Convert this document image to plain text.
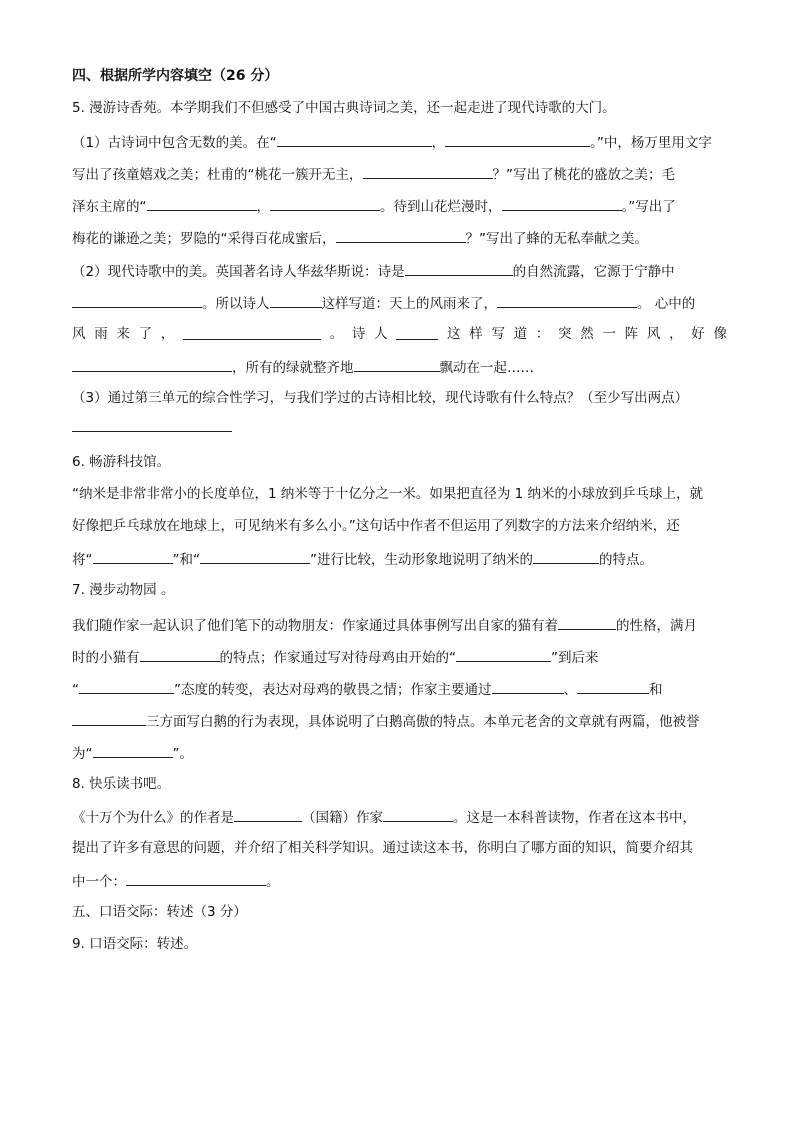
四、根据所学内容填空（26 分）
5. 漫游诗香苑。本学期我们不但感受了中国古典诗词之美，还一起走进了现代诗歌的大门。
（1）古诗词中包含无数的美。在“	，	。”中，杨万里用文字
写出了孩童嬉戏之美；杜甫的“桃花一簇开无主，	？”写出了桃花的盛放之美；毛
泽东主席的“	，	。待到山花烂漫时，	。”写出了
梅花的谦逊之美；罗隐的“采得百花成蜜后，	？”写出了蜂的无私奉献之美。
（2）现代诗歌中的美。英国著名诗人华兹华斯说：诗是	的自然流露，它源于宁静中
。所以诗人	这样写道：天上的风雨来了，	。 心中的
风 雨 来 了 ，	。 诗 人	这 样 写 道 ： 突 然 一 阵 风 ， 好 像
，所有的绿就整齐地	飘动在一起……
（3）通过第三单元的综合性学习，与我们学过的古诗相比较，现代诗歌有什么特点？（至少写出两点）
6. 畅游科技馆。
“纳米是非常非常小的长度单位，1 纳米等于十亿分之一米。如果把直径为 1 纳米的小球放到乒乓球上，就
好像把乒乓球放在地球上，可见纳米有多么小。”这句话中作者不但运用了列数字的方法来介绍纳米，还
将“	”和“	”进行比较，生动形象地说明了纳米的	的特点。
7. 漫步动物园 。
我们随作家一起认识了他们笔下的动物朋友：作家通过具体事例写出自家的猫有着	的性格，满月
时的小猫有	的特点；作家通过写对待母鸡由开始的“	”到后来
“	”态度的转变，表达对母鸡的敬畏之情；作家主要通过	、	和
三方面写白鹅的行为表现，具体说明了白鹅高傲的特点。本单元老舍的文章就有两篇，他被誉
为“	”。
8. 快乐读书吧。
《十万个为什么》的作者是	（国籍）作家	。这是一本科普读物，作者在这本书中，
提出了许多有意思的问题，并介绍了相关科学知识。通过读这本书，你明白了哪方面的知识，简要介绍其
中一个：	。
五、口语交际：转述（3 分）
9. 口语交际：转述。
